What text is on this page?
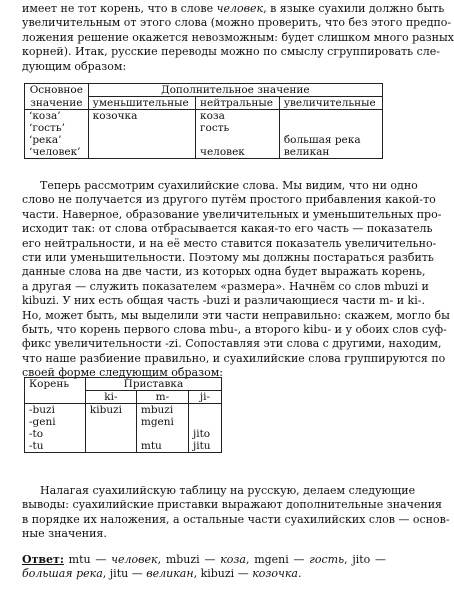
имеет не тот корень, что в слове человек, в языке суахили должно быть
увеличительным от этого слова (можно проверить, что без этого предпо-
ложения решение окажется невозможным: будет слишком много разных
корней). Итак, русские переводы можно по смыслу сгруппировать сле-
дующим образом:
Основное	Дополнительное значение		
значение	уменьшительные	нейтральные	увеличительные
‘коза’	козочка	коза	
‘гость’		гость	
‘река’			большая река
‘человек’		человек	великан
Теперь рассмотрим суахилийские слова. Мы видим, что ни одно
слово не получается из другого путём простого прибавления какой-то
части. Наверное, образование увеличительных и уменьшительных про-
исходит так: от слова отбрасывается какая-то его часть — показатель
его нейтральности, и на её место ставится показатель увеличительно-
сти или уменьшительности. Поэтому мы должны постараться разбить
данные слова на две части, из которых одна будет выражать корень,
а другая — служить показателем «размера». Начнём со слов mbuzi и
kibuzi. У них есть общая часть -buzi и различающиеся части m- и ki-.
Но, может быть, мы выделили эти части неправильно: скажем, могло бы
быть, что корень первого слова mbu-, а второго kibu- и у обоих слов суф-
фикс увеличительности -zi. Сопоставляя эти слова с другими, находим,
что наше разбиение правильно, и суахилийские слова группируются по
своей форме следующим образом:
Корень	Приставка		
	ki-	m-	ji-
-buzi	kibuzi	mbuzi	
-geni		mgeni	
-to			jito
-tu		mtu	jitu
Налагая суахилийскую таблицу на русскую, делаем следующие
выводы: суахилийские приставки выражают дополнительные значения
в порядке их наложения, а остальные части суахилийских слов — основ-
ные значения.
Ответ: mtu — человек, mbuzi — коза, mgeni — гость, jito — большая река, jitu — великан, kibuzi — козочка.
